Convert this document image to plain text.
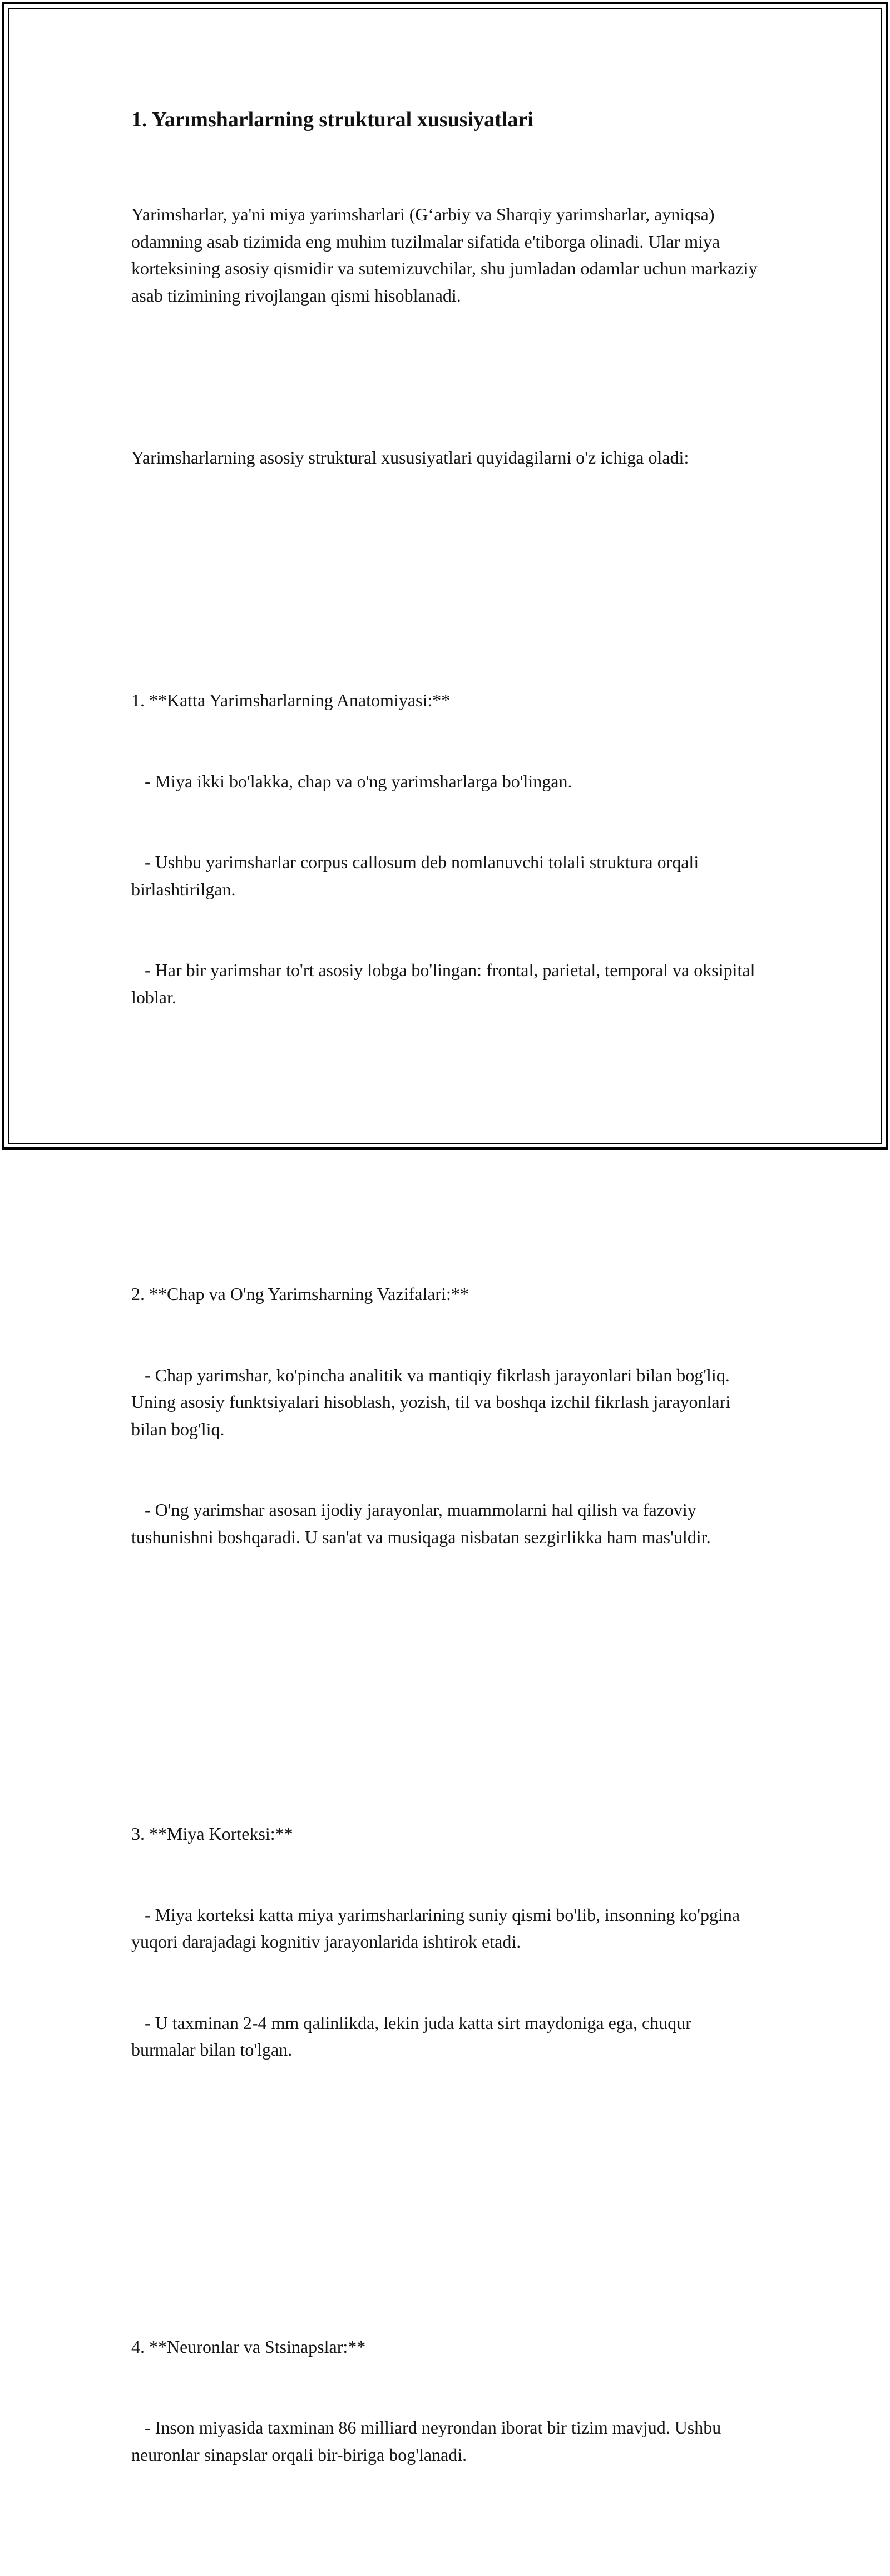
1. Yarımsharlarning struktural xususiyatlari

Yarimsharlar, ya'ni miya yarimsharlari (G‘arbiy va Sharqiy yarimsharlar, ayniqsa) odamning asab tizimida eng muhim tuzilmalar sifatida e'tiborga olinadi. Ular miya korteksining asosiy qismidir va sutemizuvchilar, shu jumladan odamlar uchun markaziy asab tizimining rivojlangan qismi hisoblanadi.

Yarimsharlarning asosiy struktural xususiyatlari quyidagilarni o'z ichiga oladi:

1. **Katta Yarimsharlarning Anatomiyasi:**

- Miya ikki bo'lakka, chap va o'ng yarimsharlarga bo'lingan.

- Ushbu yarimsharlar corpus callosum deb nomlanuvchi tolali struktura orqali birlashtirilgan.

- Har bir yarimshar to'rt asosiy lobga bo'lingan: frontal, parietal, temporal va oksipital loblar.

2. **Chap va O'ng Yarimsharning Vazifalari:**

- Chap yarimshar, ko'pincha analitik va mantiqiy fikrlash jarayonlari bilan bog'liq. Uning asosiy funktsiyalari hisoblash, yozish, til va boshqa izchil fikrlash jarayonlari bilan bog'liq.

- O'ng yarimshar asosan ijodiy jarayonlar, muammolarni hal qilish va fazoviy tushunishni boshqaradi. U san'at va musiqaga nisbatan sezgirlikka ham mas'uldir.

3. **Miya Korteksi:**

- Miya korteksi katta miya yarimsharlarining suniy qismi bo'lib, insonning ko'pgina yuqori darajadagi kognitiv jarayonlarida ishtirok etadi.

- U taxminan 2-4 mm qalinlikda, lekin juda katta sirt maydoniga ega, chuqur burmalar bilan to'lgan.

4. **Neuronlar va Stsinapslar:**

- Inson miyasida taxminan 86 milliard neyrondan iborat bir tizim mavjud. Ushbu neuronlar sinapslar orqali bir-biriga bog'lanadi.
